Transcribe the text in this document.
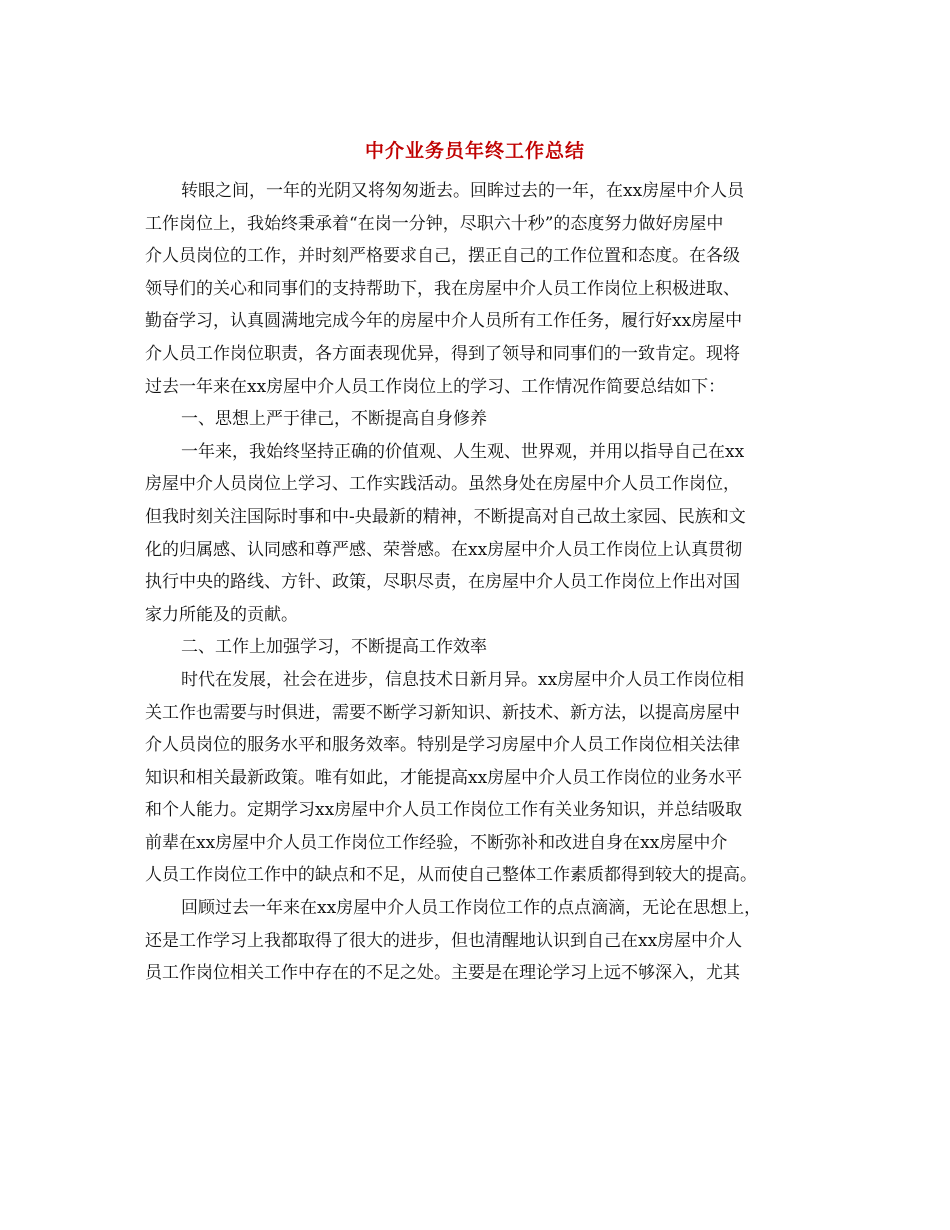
中介业务员年终工作总结
转眼之间，一年的光阴又将匆匆逝去。回眸过去的一年，在xx房屋中介人员
工作岗位上，我始终秉承着“在岗一分钟，尽职六十秒”的态度努力做好房屋中
介人员岗位的工作，并时刻严格要求自己，摆正自己的工作位置和态度。在各级
领导们的关心和同事们的支持帮助下，我在房屋中介人员工作岗位上积极进取、
勤奋学习，认真圆满地完成今年的房屋中介人员所有工作任务，履行好xx房屋中
介人员工作岗位职责，各方面表现优异，得到了领导和同事们的一致肯定。现将
过去一年来在xx房屋中介人员工作岗位上的学习、工作情况作简要总结如下：
一、思想上严于律己，不断提高自身修养
一年来，我始终坚持正确的价值观、人生观、世界观，并用以指导自己在xx
房屋中介人员岗位上学习、工作实践活动。虽然身处在房屋中介人员工作岗位，
但我时刻关注国际时事和中-央最新的精神，不断提高对自己故土家园、民族和文
化的归属感、认同感和尊严感、荣誉感。在xx房屋中介人员工作岗位上认真贯彻
执行中央的路线、方针、政策，尽职尽责，在房屋中介人员工作岗位上作出对国
家力所能及的贡献。
二、工作上加强学习，不断提高工作效率
时代在发展，社会在进步，信息技术日新月异。xx房屋中介人员工作岗位相
关工作也需要与时俱进，需要不断学习新知识、新技术、新方法，以提高房屋中
介人员岗位的服务水平和服务效率。特别是学习房屋中介人员工作岗位相关法律
知识和相关最新政策。唯有如此，才能提高xx房屋中介人员工作岗位的业务水平
和个人能力。定期学习xx房屋中介人员工作岗位工作有关业务知识，并总结吸取
前辈在xx房屋中介人员工作岗位工作经验，不断弥补和改进自身在xx房屋中介
人员工作岗位工作中的缺点和不足，从而使自己整体工作素质都得到较大的提高。
回顾过去一年来在xx房屋中介人员工作岗位工作的点点滴滴，无论在思想上，
还是工作学习上我都取得了很大的进步，但也清醒地认识到自己在xx房屋中介人
员工作岗位相关工作中存在的不足之处。主要是在理论学习上远不够深入，尤其
